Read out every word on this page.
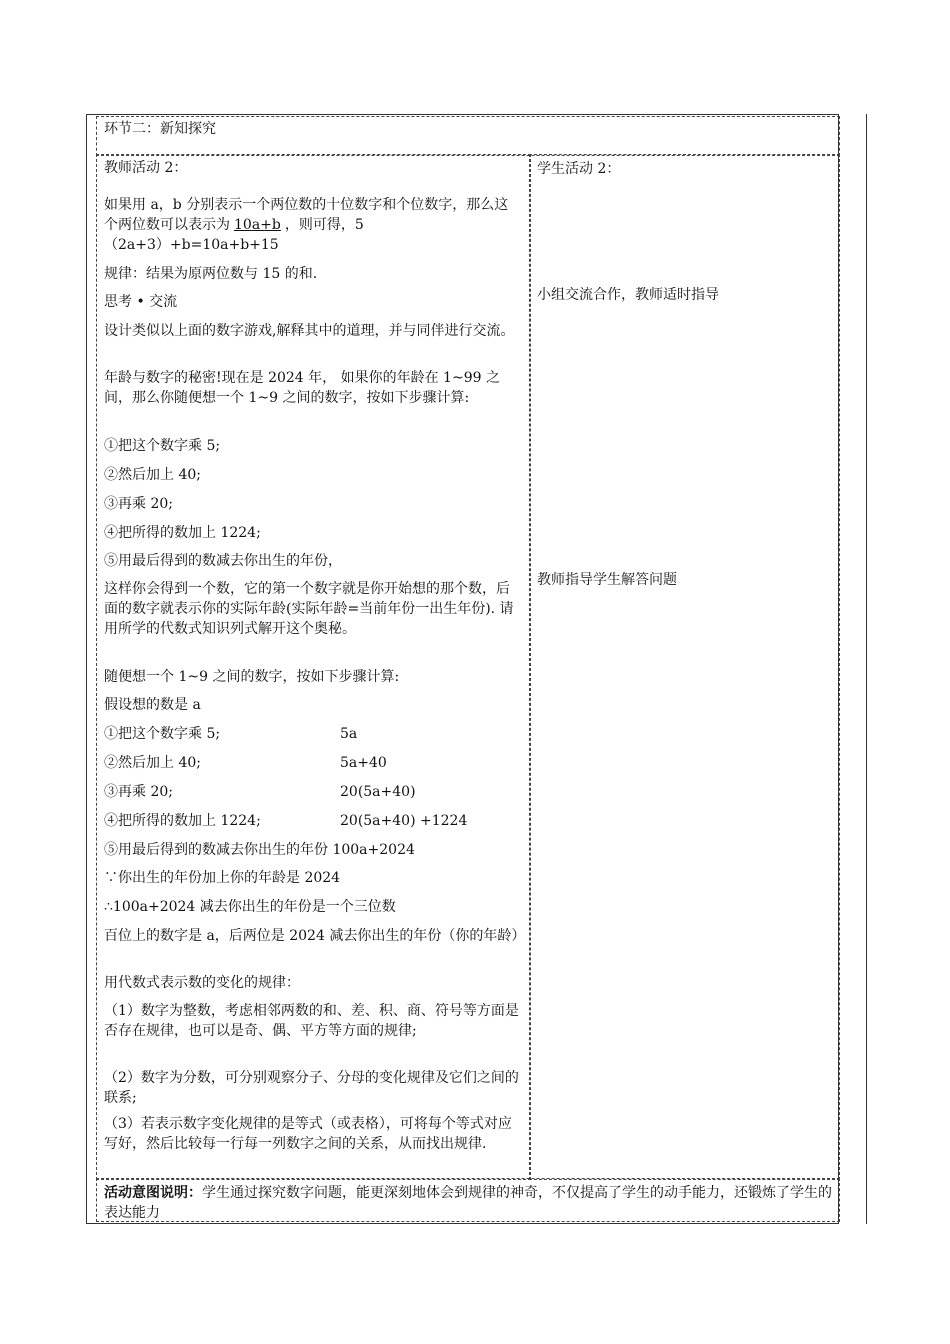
环节二：新知探究
教师活动 2：
如果用 a，b 分别表示一个两位数的十位数字和个位数字，那么这个两位数可以表示为 10a+b ，则可得，5（2a+3）+b=10a+b+15
规律：结果为原两位数与 15 的和.
思考 • 交流
设计类似以上面的数字游戏,解释其中的道理，并与同伴进行交流。
年龄与数字的秘密!现在是 2024 年， 如果你的年龄在 1~99 之间，那么你随便想一个 1~9 之间的数字，按如下步骤计算:
①把这个数字乘 5;
②然后加上 40;
③再乘 20;
④把所得的数加上 1224;
⑤用最后得到的数减去你出生的年份，
这样你会得到一个数，它的第一个数字就是你开始想的那个数，后面的数字就表示你的实际年龄(实际年龄=当前年份一出生年份). 请用所学的代数式知识列式解开这个奥秘。
随便想一个 1~9 之间的数字，按如下步骤计算:
假设想的数是 a
①把这个数字乘 5;	5a
②然后加上 40;	5a+40
③再乘 20;	20(5a+40)
④把所得的数加上 1224;	20(5a+40) +1224
⑤用最后得到的数减去你出生的年份 100a+2024
∵你出生的年份加上你的年龄是 2024
∴100a+2024 减去你出生的年份是一个三位数
百位上的数字是 a，后两位是 2024 减去你出生的年份（你的年龄）
用代数式表示数的变化的规律：
（1）数字为整数，考虑相邻两数的和、差、积、商、符号等方面是否存在规律，也可以是奇、偶、平方等方面的规律;
（2）数字为分数，可分别观察分子、分母的变化规律及它们之间的联系;
（3）若表示数字变化规律的是等式（或表格），可将每个等式对应写好，然后比较每一行每一列数字之间的关系，从而找出规律.
学生活动 2：
小组交流合作，教师适时指导
教师指导学生解答问题
活动意图说明：学生通过探究数字问题，能更深刻地体会到规律的神奇，不仅提高了学生的动手能力，还锻炼了学生的表达能力
